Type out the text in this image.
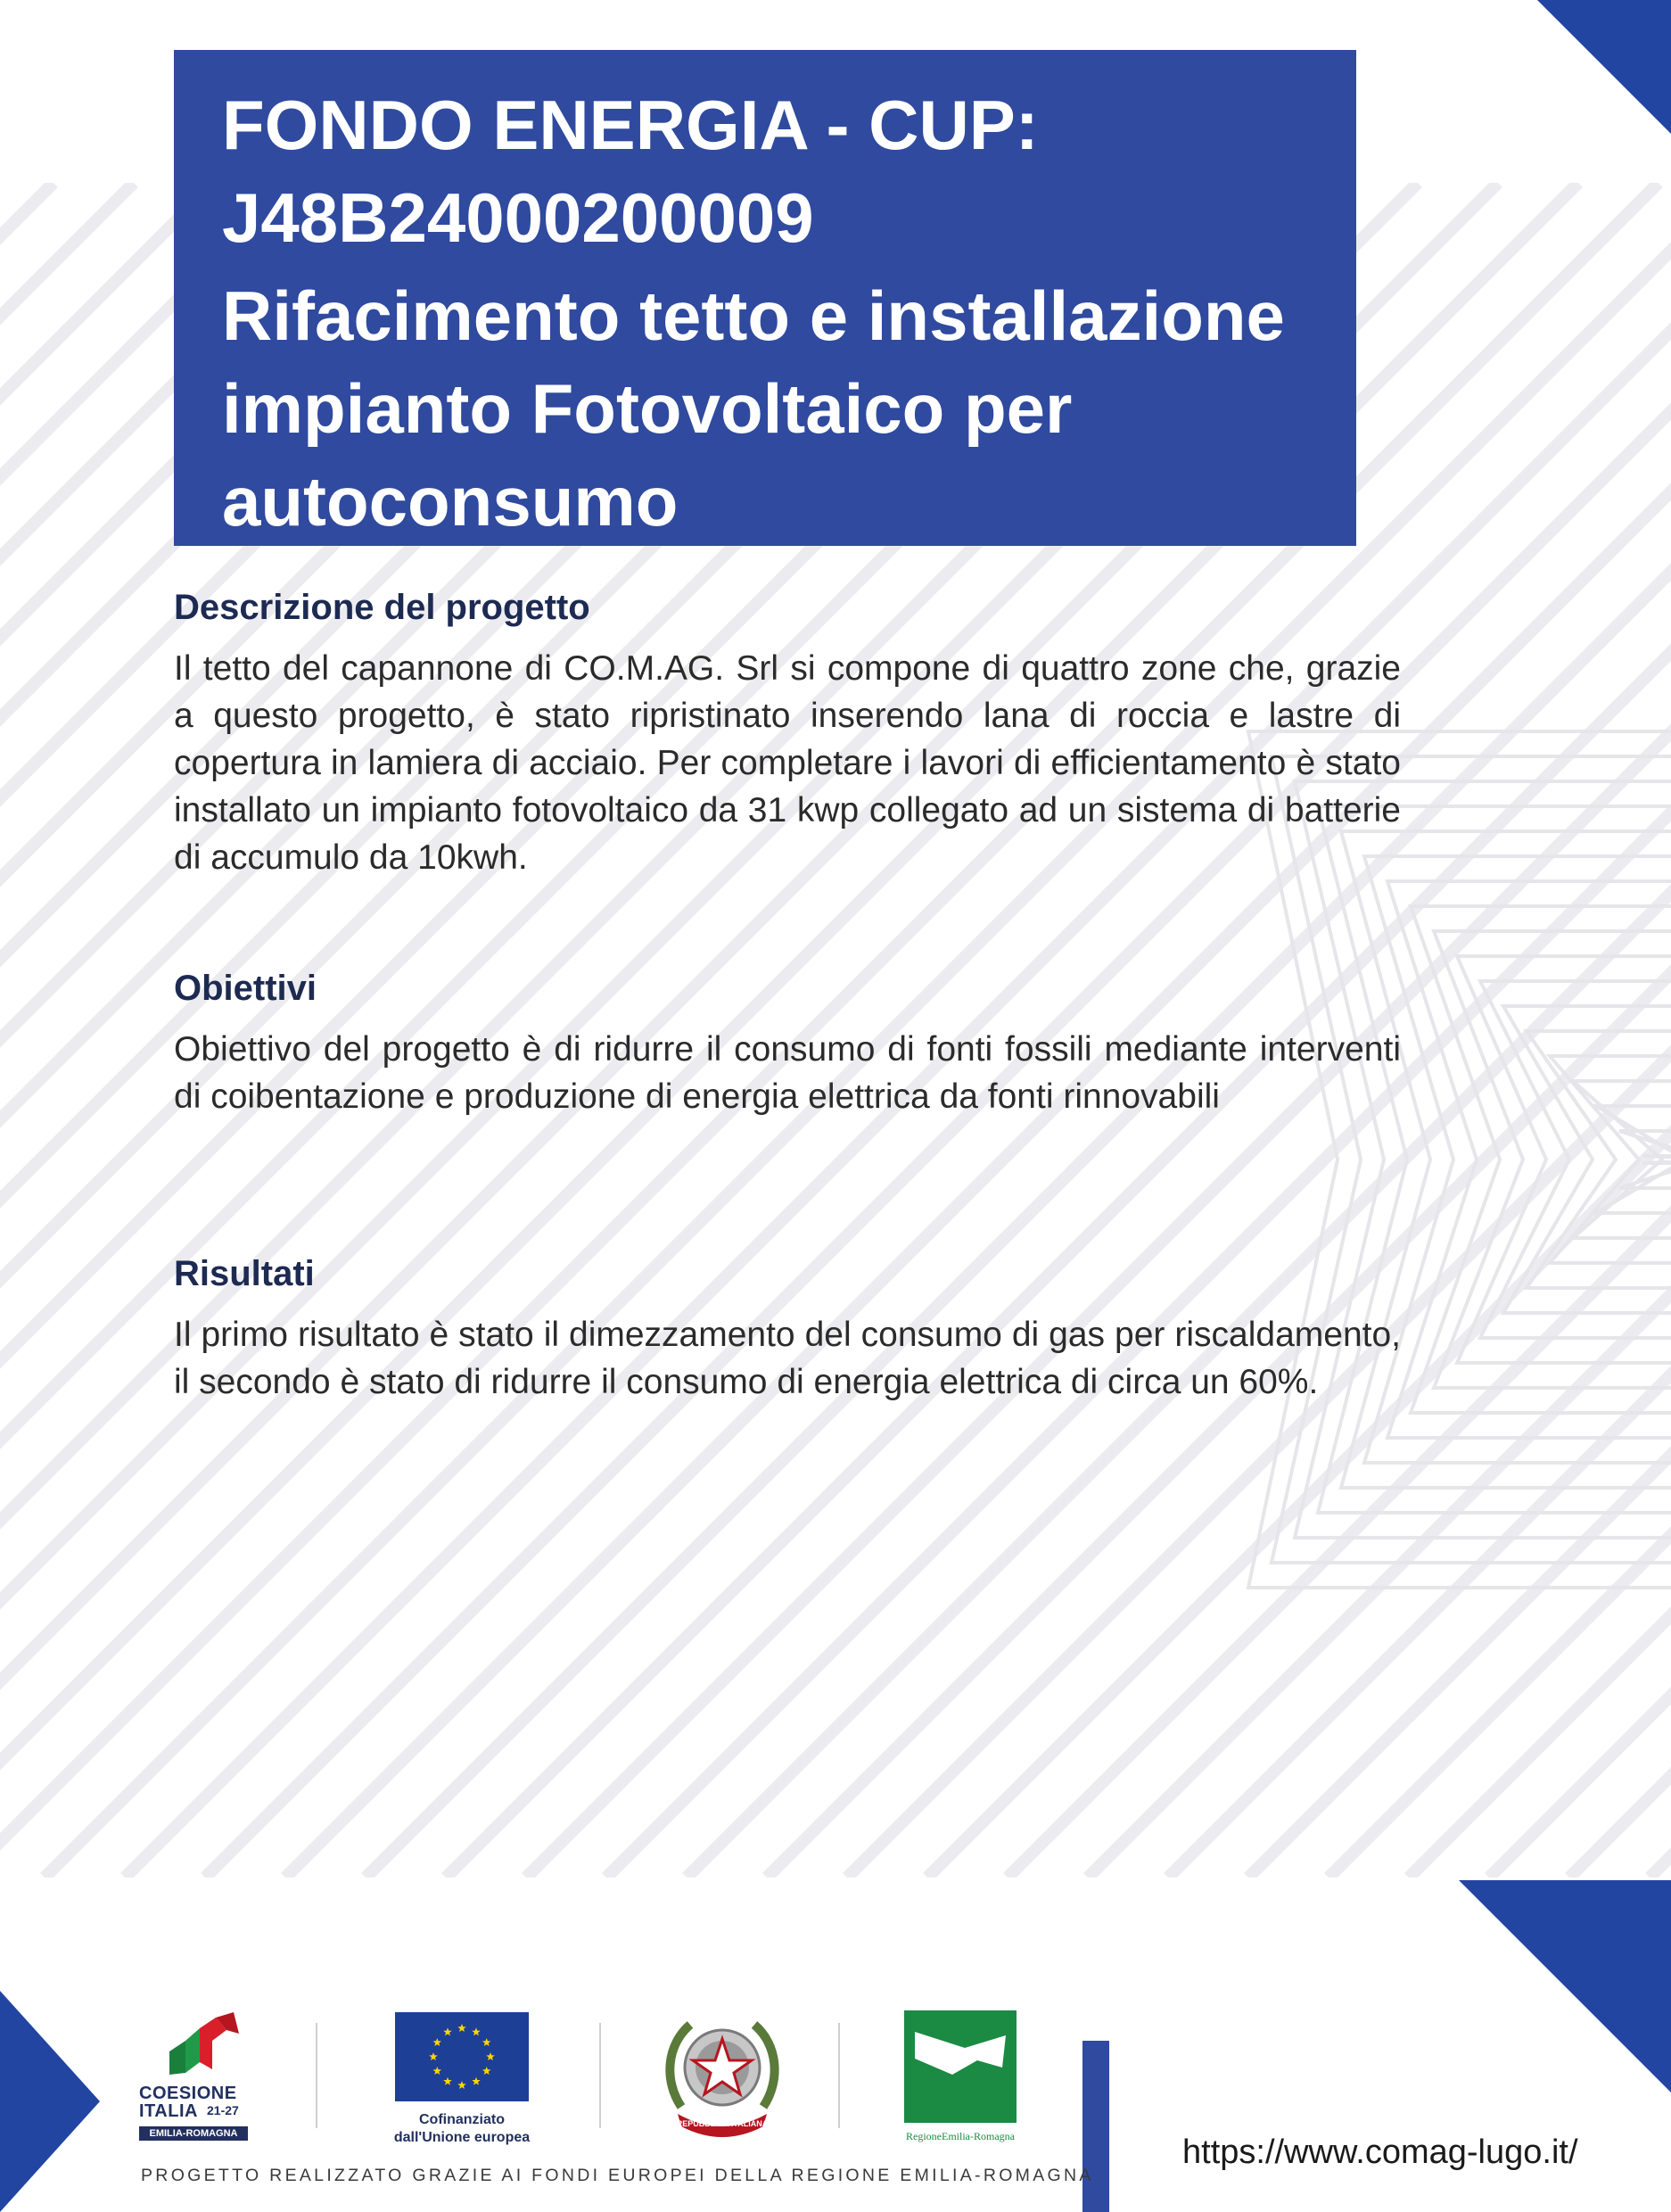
FONDO ENERGIA - CUP:

J48B24000200009

Rifacimento tetto e installazione

impianto Fotovoltaico per

autoconsumo

Descrizione del progetto

Il tetto del capannone di CO.M.AG. Srl si compone di quattro zone che, grazie a questo progetto, è stato ripristinato inserendo lana di roccia e lastre di copertura in lamiera di acciaio. Per completare i lavori di efficientamento è stato installato un impianto fotovoltaico da 31 kwp collegato ad un sistema di batterie di accumulo da 10kwh.

Obiettivi

Obiettivo del progetto è di ridurre il consumo di fonti fossili mediante interventi di coibentazione e produzione di energia elettrica da fonti rinnovabili

Risultati

Il primo risultato è stato il dimezzamento del consumo di gas per riscaldamento, il secondo è stato di ridurre il consumo di energia elettrica di circa un 60%.

COESIONE
ITALIA 21-27
EMILIA-ROMAGNA
Cofinanziato
dall'Unione europea
REPUBBLICA ITALIANA
RegioneEmilia-Romagna
PROGETTO REALIZZATO GRAZIE AI FONDI EUROPEI DELLA REGIONE EMILIA-ROMAGNA
https://www.comag-lugo.it/
